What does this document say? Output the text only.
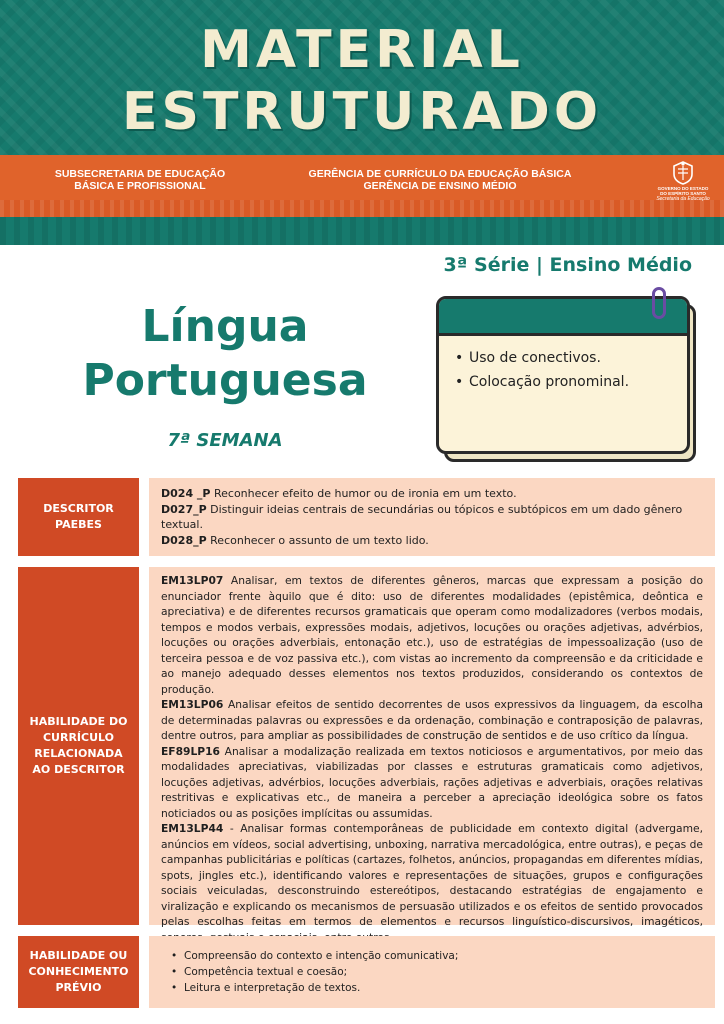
MATERIAL
ESTRUTURADO
SUBSECRETARIA DE EDUCAÇÃO
BÁSICA E PROFISSIONAL
GERÊNCIA DE CURRÍCULO DA EDUCAÇÃO BÁSICA
GERÊNCIA DE ENSINO MÉDIO	GOVERNO DO ESTADO
DO ESPÍRITO SANTO
Secretaria da Educação
3ª Série | Ensino Médio
Língua
Portuguesa
7ª SEMANA
• Uso de conectivos.
• Colocação pronominal.
DESCRITOR
PAEBES
D024 _P Reconhecer efeito de humor ou de ironia em um texto.
D027_P Distinguir ideias centrais de secundárias ou tópicos e subtópicos em um dado gênero textual.
D028_P Reconhecer o assunto de um texto lido.
HABILIDADE DO
CURRÍCULO
RELACIONADA
AO DESCRITOR
EM13LP07 Analisar, em textos de diferentes gêneros, marcas que expressam a posição do enunciador frente àquilo que é dito: uso de diferentes modalidades (epistêmica, deôntica e apreciativa) e de diferentes recursos gramaticais que operam como modalizadores (verbos modais, tempos e modos verbais, expressões modais, adjetivos, locuções ou orações adjetivas, advérbios, locuções ou orações adverbiais, entonação etc.), uso de estratégias de impessoalização (uso de terceira pessoa e de voz passiva etc.), com vistas ao incremento da compreensão e da criticidade e ao manejo adequado desses elementos nos textos produzidos, considerando os contextos de produção.
EM13LP06 Analisar efeitos de sentido decorrentes de usos expressivos da linguagem, da escolha de determinadas palavras ou expressões e da ordenação, combinação e contraposição de palavras, dentre outros, para ampliar as possibilidades de construção de sentidos e de uso crítico da língua.
EF89LP16 Analisar a modalização realizada em textos noticiosos e argumentativos, por meio das modalidades apreciativas, viabilizadas por classes e estruturas gramaticais como adjetivos, locuções adjetivas, advérbios, locuções adverbiais, rações adjetivas e adverbiais, orações relativas restritivas e explicativas etc., de maneira a perceber a apreciação ideológica sobre os fatos noticiados ou as posições implícitas ou assumidas.
EM13LP44 - Analisar formas contemporâneas de publicidade em contexto digital (advergame, anúncios em vídeos, social advertising, unboxing, narrativa mercadológica, entre outras), e peças de campanhas publicitárias e políticas (cartazes, folhetos, anúncios, propagandas em diferentes mídias, spots, jingles etc.), identificando valores e representações de situações, grupos e configurações sociais veiculadas, desconstruindo estereótipos, destacando estratégias de engajamento e viralização e explicando os mecanismos de persuasão utilizados e os efeitos de sentido provocados pelas escolhas feitas em termos de elementos e recursos linguístico-discursivos, imagéticos,
HABILIDADE OU
CONHECIMENTO
PRÉVIO
• Compreensão do contexto e intenção comunicativa;
• Competência textual e coesão;
• Leitura e interpretação de textos.
